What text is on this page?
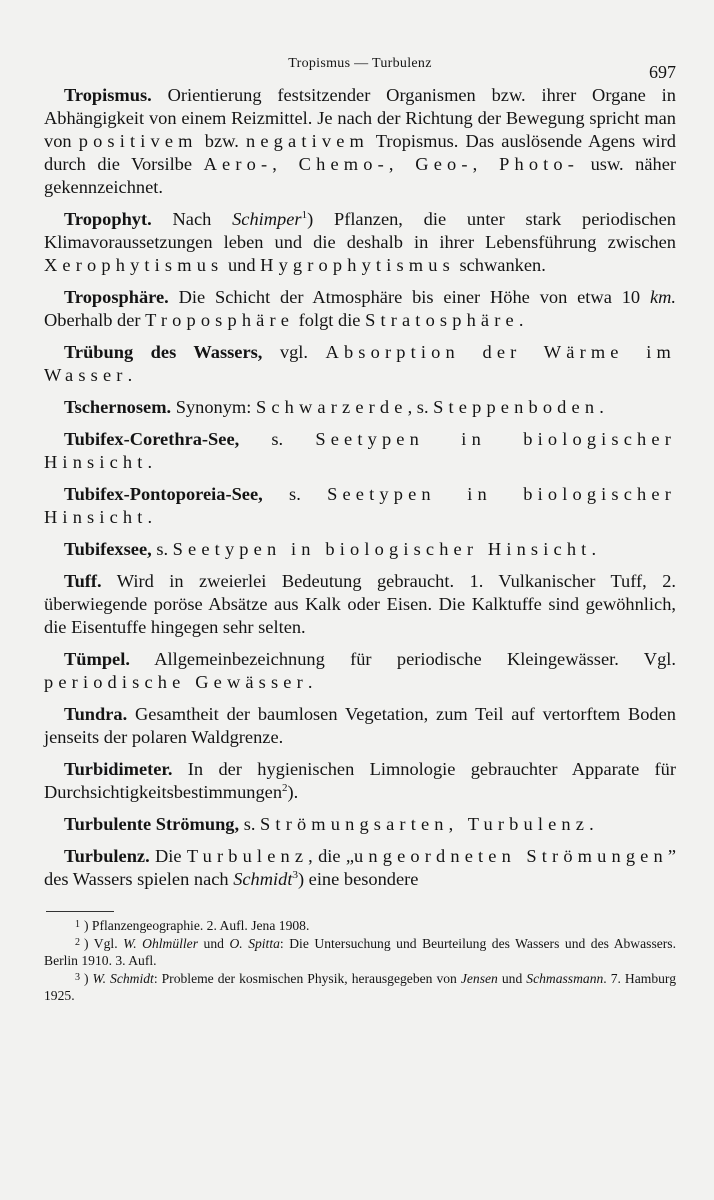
Tropismus — Turbulenz	697

Tropismus. Orientierung festsitzender Organismen bzw. ihrer Organe in Abhängigkeit von einem Reizmittel. Je nach der Richtung der Bewegung spricht man von positivem bzw. negativem Tropismus. Das auslösende Agens wird durch die Vorsilbe Aero-, Chemo-, Geo-, Photo- usw. näher gekennzeichnet.

Tropophyt. Nach Schimper$^1$) Pflanzen, die unter stark periodischen Klimavoraussetzungen leben und die deshalb in ihrer Lebensführung zwischen Xerophytismus und Hygrophytismus schwanken.

Troposphäre. Die Schicht der Atmosphäre bis einer Höhe von etwa 10 km. Oberhalb der Troposphäre folgt die Stratosphäre.

Trübung des Wassers, vgl. Absorption der Wärme im Wasser.

Tschernosem. Synonym: Schwarzerde, s. Steppenboden.

Tubifex-Corethra-See, s. Seetypen in biologischer Hinsicht.

Tubifex-Pontoporeia-See, s. Seetypen in biologischer Hinsicht.

Tubifexsee, s. Seetypen in biologischer Hinsicht.

Tuff. Wird in zweierlei Bedeutung gebraucht. 1. Vulkanischer Tuff, 2. überwiegende poröse Absätze aus Kalk oder Eisen. Die Kalktuffe sind gewöhnlich, die Eisentuffe hingegen sehr selten.

Tümpel. Allgemeinbezeichnung für periodische Kleingewässer. Vgl. periodische Gewässer.

Tundra. Gesamtheit der baumlosen Vegetation, zum Teil auf vertorftem Boden jenseits der polaren Waldgrenze.

Turbidimeter. In der hygienischen Limnologie gebrauchter Apparate für Durchsichtigkeitsbestimmungen$^2$).

Turbulente Strömung, s. Strömungsarten, Turbulenz.

Turbulenz. Die Turbulenz, die „ungeordneten Strömungen” des Wassers spielen nach Schmidt$^3$) eine besondere

1 ) Pflanzengeographie. 2. Aufl. Jena 1908.

2 ) Vgl. W. Ohlmüller und O. Spitta: Die Untersuchung und Beurteilung des Wassers und des Abwassers. Berlin 1910. 3. Aufl.

3 ) W. Schmidt: Probleme der kosmischen Physik, herausgegeben von Jensen und Schmassmann. 7. Hamburg 1925.
